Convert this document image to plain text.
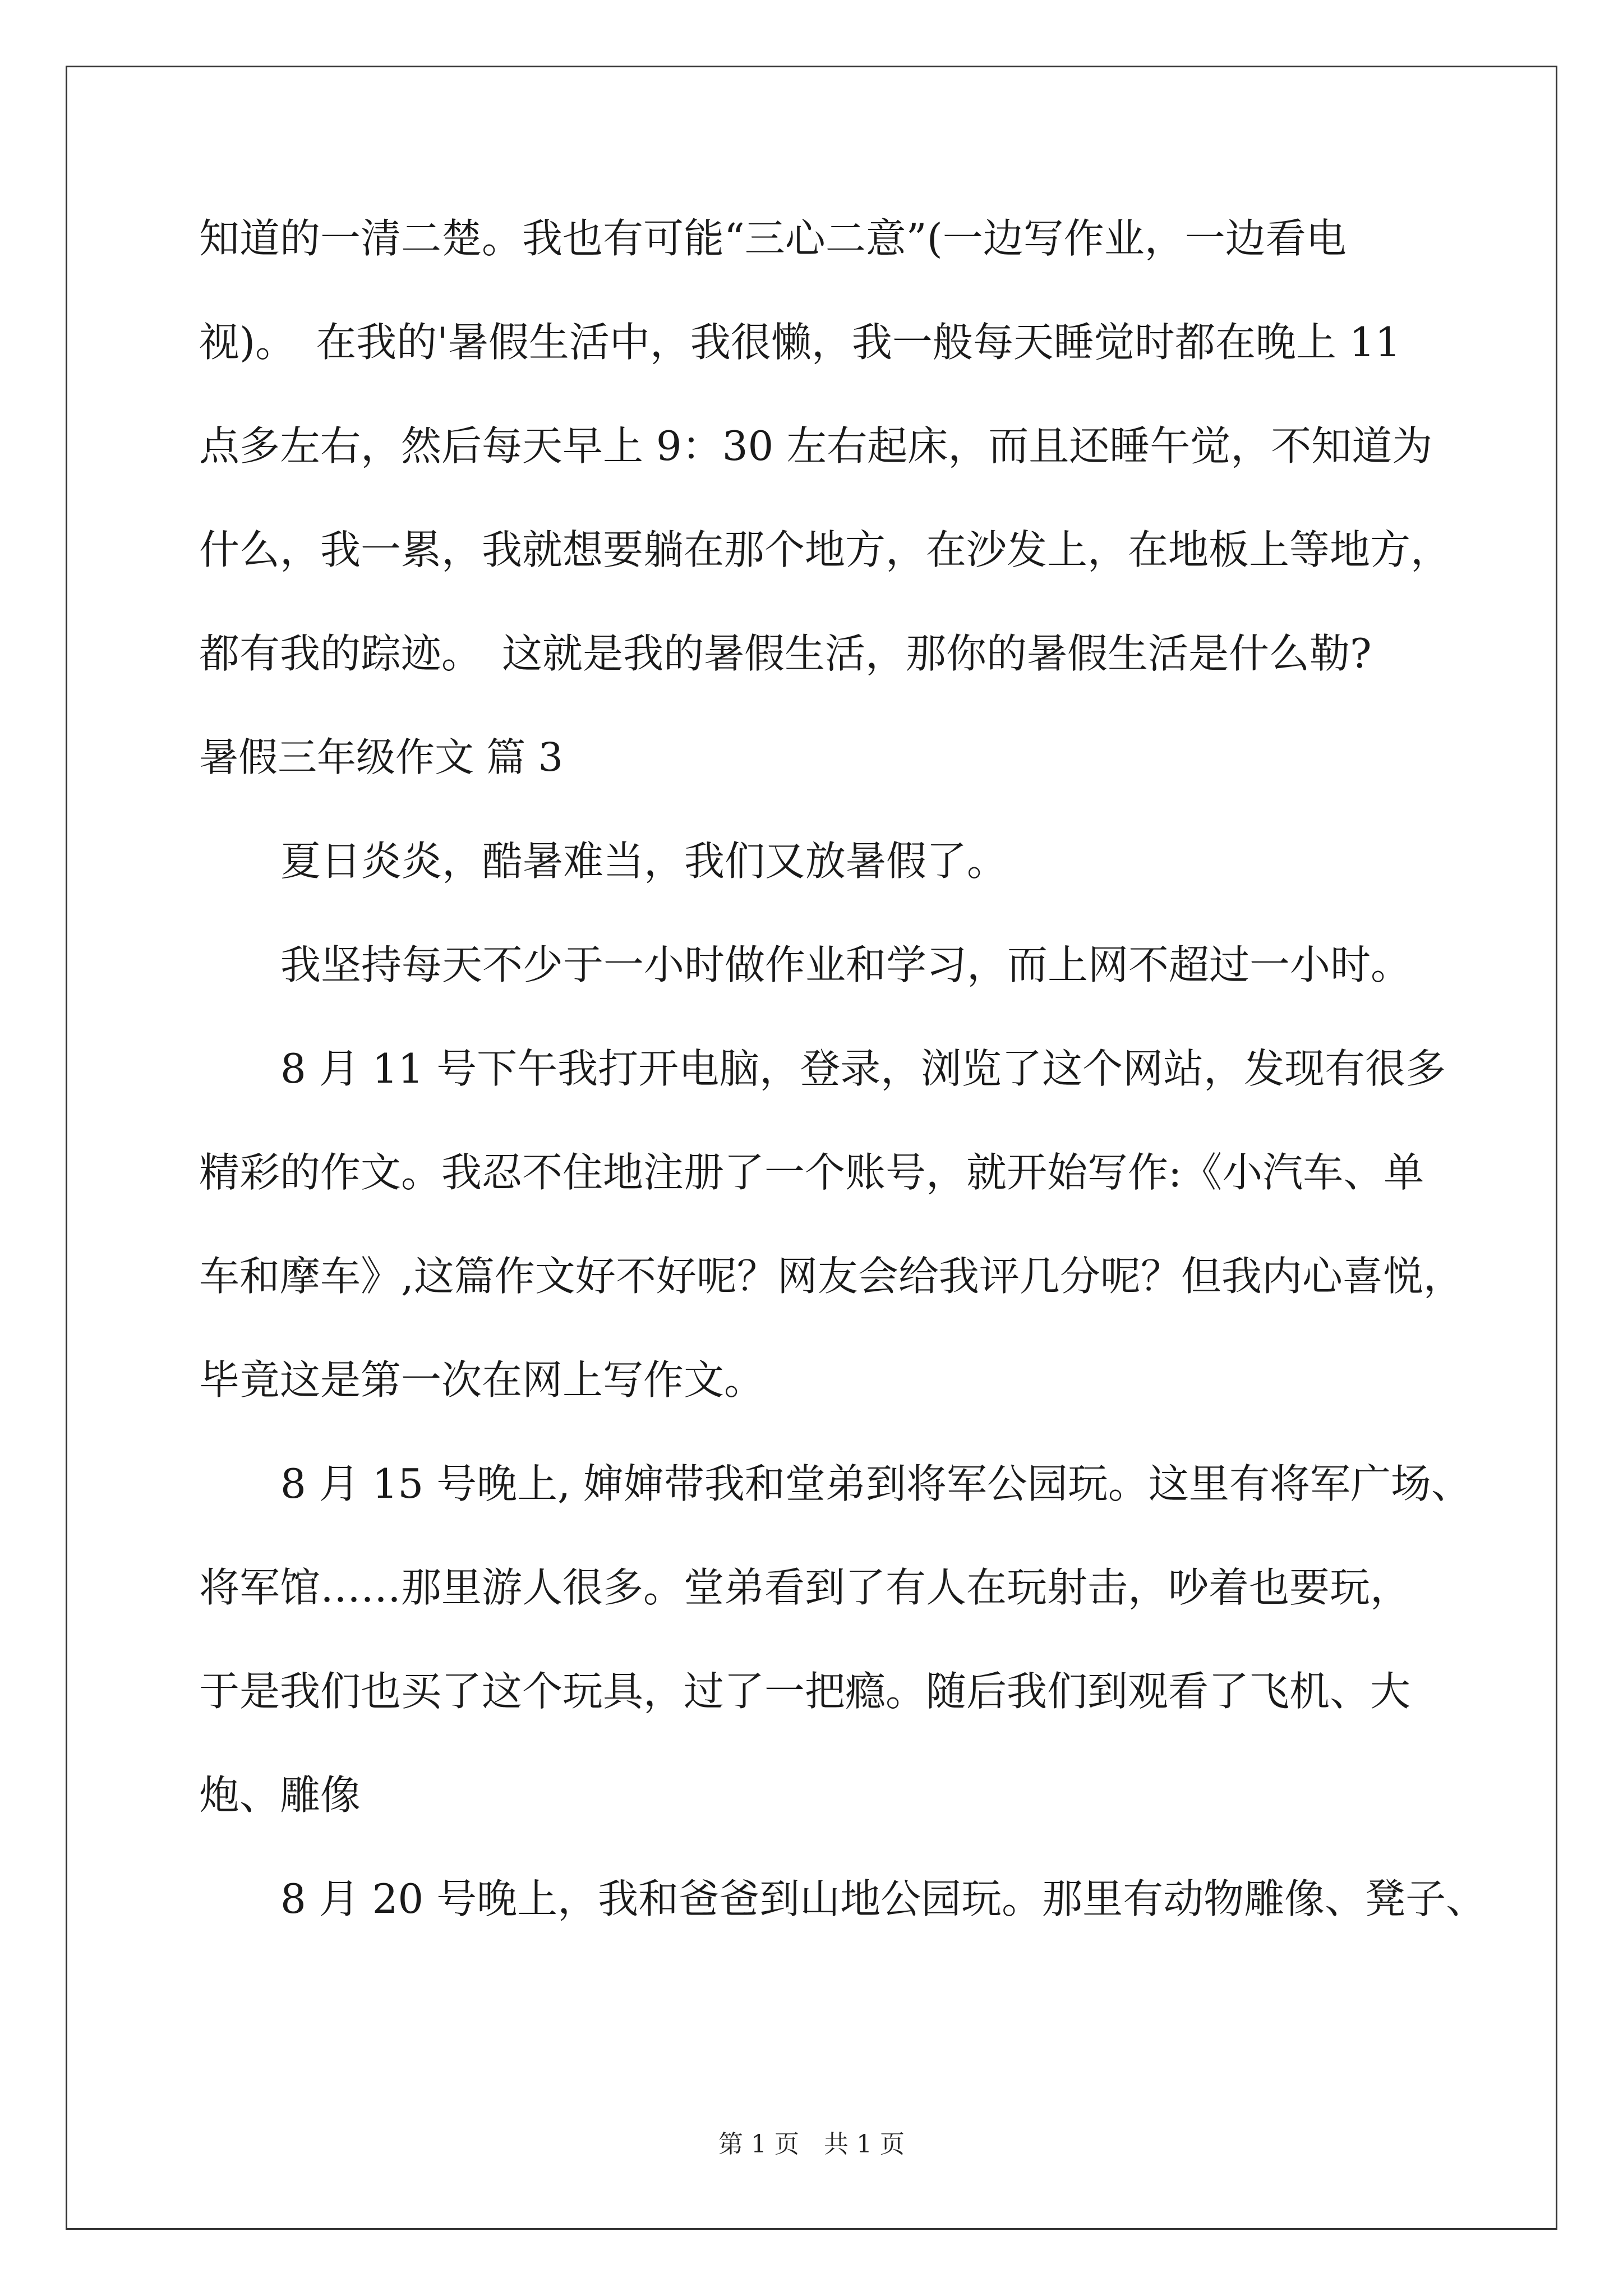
知道的一清二楚。我也有可能“三心二意”(一边写作业，一边看电
视)。　在我的'暑假生活中，我很懒，我一般每天睡觉时都在晚上 11
点多左右，然后每天早上 9：30 左右起床，而且还睡午觉，不知道为
什么，我一累，我就想要躺在那个地方，在沙发上，在地板上等地方，
都有我的踪迹。　这就是我的暑假生活，那你的暑假生活是什么勒?
暑假三年级作文 篇 3
夏日炎炎，酷暑难当，我们又放暑假了。
我坚持每天不少于一小时做作业和学习，而上网不超过一小时。
8 月 11 号下午我打开电脑，登录，浏览了这个网站，发现有很多
精彩的作文。我忍不住地注册了一个账号，就开始写作:《小汽车、单
车和摩车》,这篇作文好不好呢？网友会给我评几分呢？但我内心喜悦，
毕竟这是第一次在网上写作文。
8 月 15 号晚上, 婶婶带我和堂弟到将军公园玩。这里有将军广场、
将军馆……那里游人很多。堂弟看到了有人在玩射击，吵着也要玩，
于是我们也买了这个玩具，过了一把瘾。随后我们到观看了飞机、大
炮、雕像
8 月 20 号晚上，我和爸爸到山地公园玩。那里有动物雕像、凳子、
第 1 页　共 1 页
